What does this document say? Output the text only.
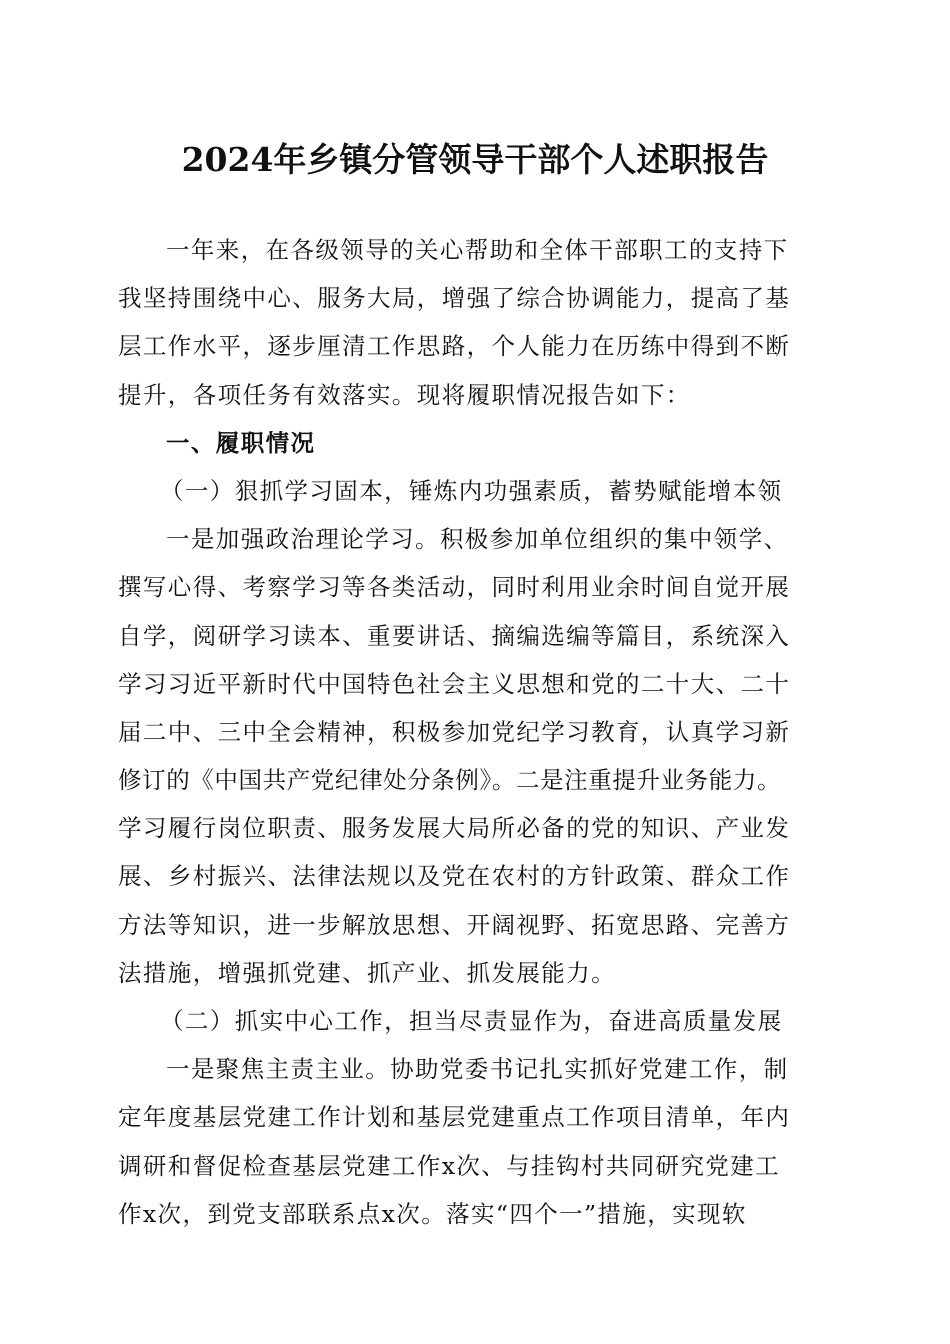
2024年乡镇分管领导干部个人述职报告
一年来，在各级领导的关心帮助和全体干部职工的支持下
我坚持围绕中心、服务大局，增强了综合协调能力，提高了基
层工作水平，逐步厘清工作思路，个人能力在历练中得到不断
提升，各项任务有效落实。现将履职情况报告如下：
一、履职情况
（一）狠抓学习固本，锤炼内功强素质，蓄势赋能增本领
一是加强政治理论学习。积极参加单位组织的集中领学、
撰写心得、考察学习等各类活动，同时利用业余时间自觉开展
自学，阅研学习读本、重要讲话、摘编选编等篇目，系统深入
学习习近平新时代中国特色社会主义思想和党的二十大、二十
届二中、三中全会精神，积极参加党纪学习教育，认真学习新
修订的《中国共产党纪律处分条例》。二是注重提升业务能力。
学习履行岗位职责、服务发展大局所必备的党的知识、产业发
展、乡村振兴、法律法规以及党在农村的方针政策、群众工作
方法等知识，进一步解放思想、开阔视野、拓宽思路、完善方
法措施，增强抓党建、抓产业、抓发展能力。
（二）抓实中心工作，担当尽责显作为，奋进高质量发展
一是聚焦主责主业。协助党委书记扎实抓好党建工作，制
定年度基层党建工作计划和基层党建重点工作项目清单，年内
调研和督促检查基层党建工作x次、与挂钩村共同研究党建工
作x次，到党支部联系点x次。落实“四个一”措施，实现软
